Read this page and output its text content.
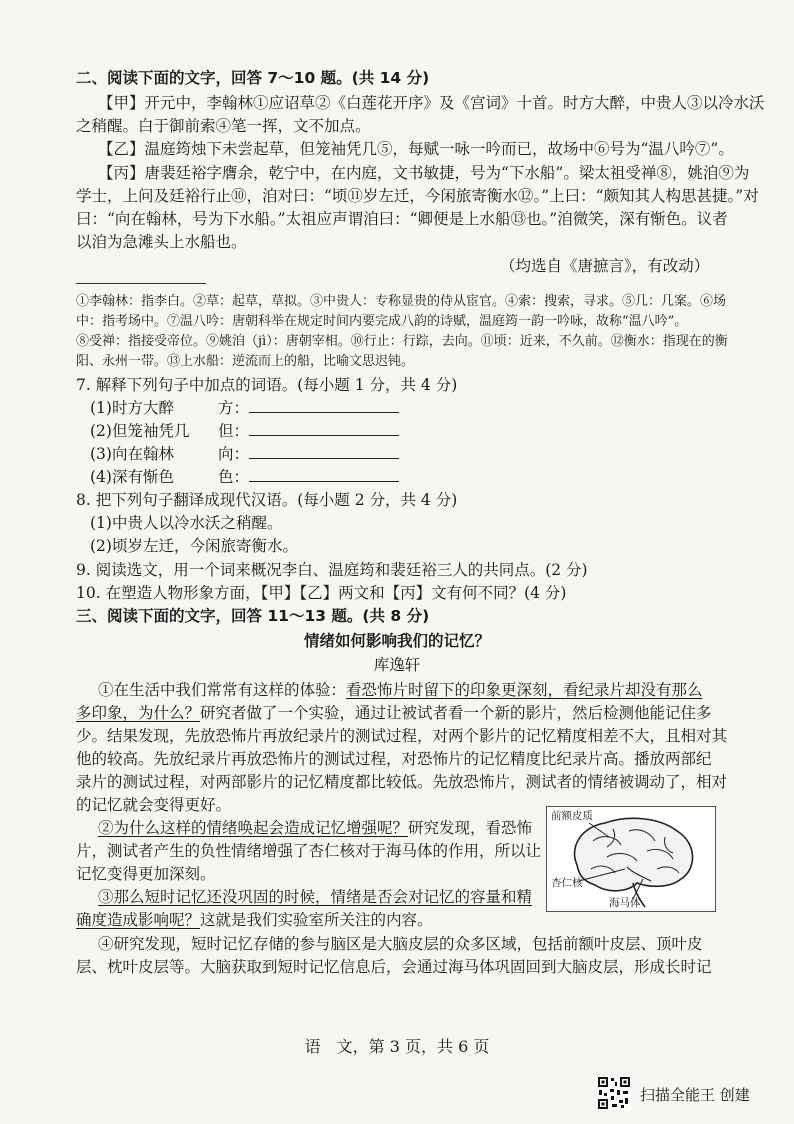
二、阅读下面的文字，回答 7～10 题。(共 14 分)
【甲】开元中，李翰林①应诏草②《白莲花开序》及《宫词》十首。时方大醉，中贵人③以冷水沃
之稍醒。白于御前索④笔一挥，文不加点。
【乙】温庭筠烛下未尝起草，但笼袖凭几⑤，每赋一咏一吟而已，故场中⑥号为“温八吟⑦”。
【丙】唐裴廷裕字膺余，乾宁中，在内庭，文书敏捷，号为“下水船”。梁太祖受禅⑧，姚洎⑨为
学士，上问及廷裕行止⑩，洎对曰：“顷⑪岁左迁，今闲旅寄衡水⑫。”上曰：“颇知其人构思甚捷。”对
曰：“向在翰林，号为下水船。”太祖应声谓洎曰：“卿便是上水船⑬也。”洎微笑，深有惭色。议者
以洎为急滩头上水船也。
（均选自《唐摭言》，有改动）
①李翰林：指李白。②草：起草，草拟。③中贵人：专称显贵的侍从宦官。④索：搜索，寻求。⑤几：几案。⑥场
中：指考场中。⑦温八吟：唐朝科举在规定时间内要完成八韵的诗赋，温庭筠一韵一吟咏，故称“温八吟”。
⑧受禅：指接受帝位。⑨姚洎（jì）：唐朝宰相。⑩行止：行踪，去向。⑪顷：近来，不久前。⑫衡水：指现在的衡
阳、永州一带。⑬上水船：逆流而上的船，比喻文思迟钝。
7. 解释下列句子中加点的词语。(每小题 1 分，共 4 分)
(1)时方大醉	方：
(2)但笼袖凭几 但：
(3)向在翰林	向：
(4)深有惭色	色：
8. 把下列句子翻译成现代汉语。(每小题 2 分，共 4 分)
(1)中贵人以冷水沃之稍醒。
(2)顷岁左迁，今闲旅寄衡水。
9. 阅读选文，用一个词来概况李白、温庭筠和裴廷裕三人的共同点。(2 分)
10. 在塑造人物形象方面，【甲】【乙】两文和【丙】文有何不同？(4 分)
三、阅读下面的文字，回答 11～13 题。(共 8 分)
情绪如何影响我们的记忆？
库逸轩
①在生活中我们常常有这样的体验：看恐怖片时留下的印象更深刻，看纪录片却没有那么
多印象，为什么？研究者做了一个实验，通过让被试者看一个新的影片，然后检测他能记住多
少。结果发现，先放恐怖片再放纪录片的测试过程，对两个影片的记忆精度相差不大，且相对其
他的较高。先放纪录片再放恐怖片的测试过程，对恐怖片的记忆精度比纪录片高。播放两部纪
录片的测试过程，对两部影片的记忆精度都比较低。先放恐怖片，测试者的情绪被调动了，相对
的记忆就会变得更好。
②为什么这样的情绪唤起会造成记忆增强呢？研究发现，看恐怖
片，测试者产生的负性情绪增强了杏仁核对于海马体的作用，所以让
记忆变得更加深刻。
③那么短时记忆还没巩固的时候，情绪是否会对记忆的容量和精
确度造成影响呢？这就是我们实验室所关注的内容。
④研究发现，短时记忆存储的参与脑区是大脑皮层的众多区域，包括前额叶皮层、顶叶皮
层、枕叶皮层等。大脑获取到短时记忆信息后，会通过海马体巩固回到大脑皮层，形成长时记
前额皮质
杏仁核
海马体
语　文，第 3 页，共 6 页
扫描全能王 创建
